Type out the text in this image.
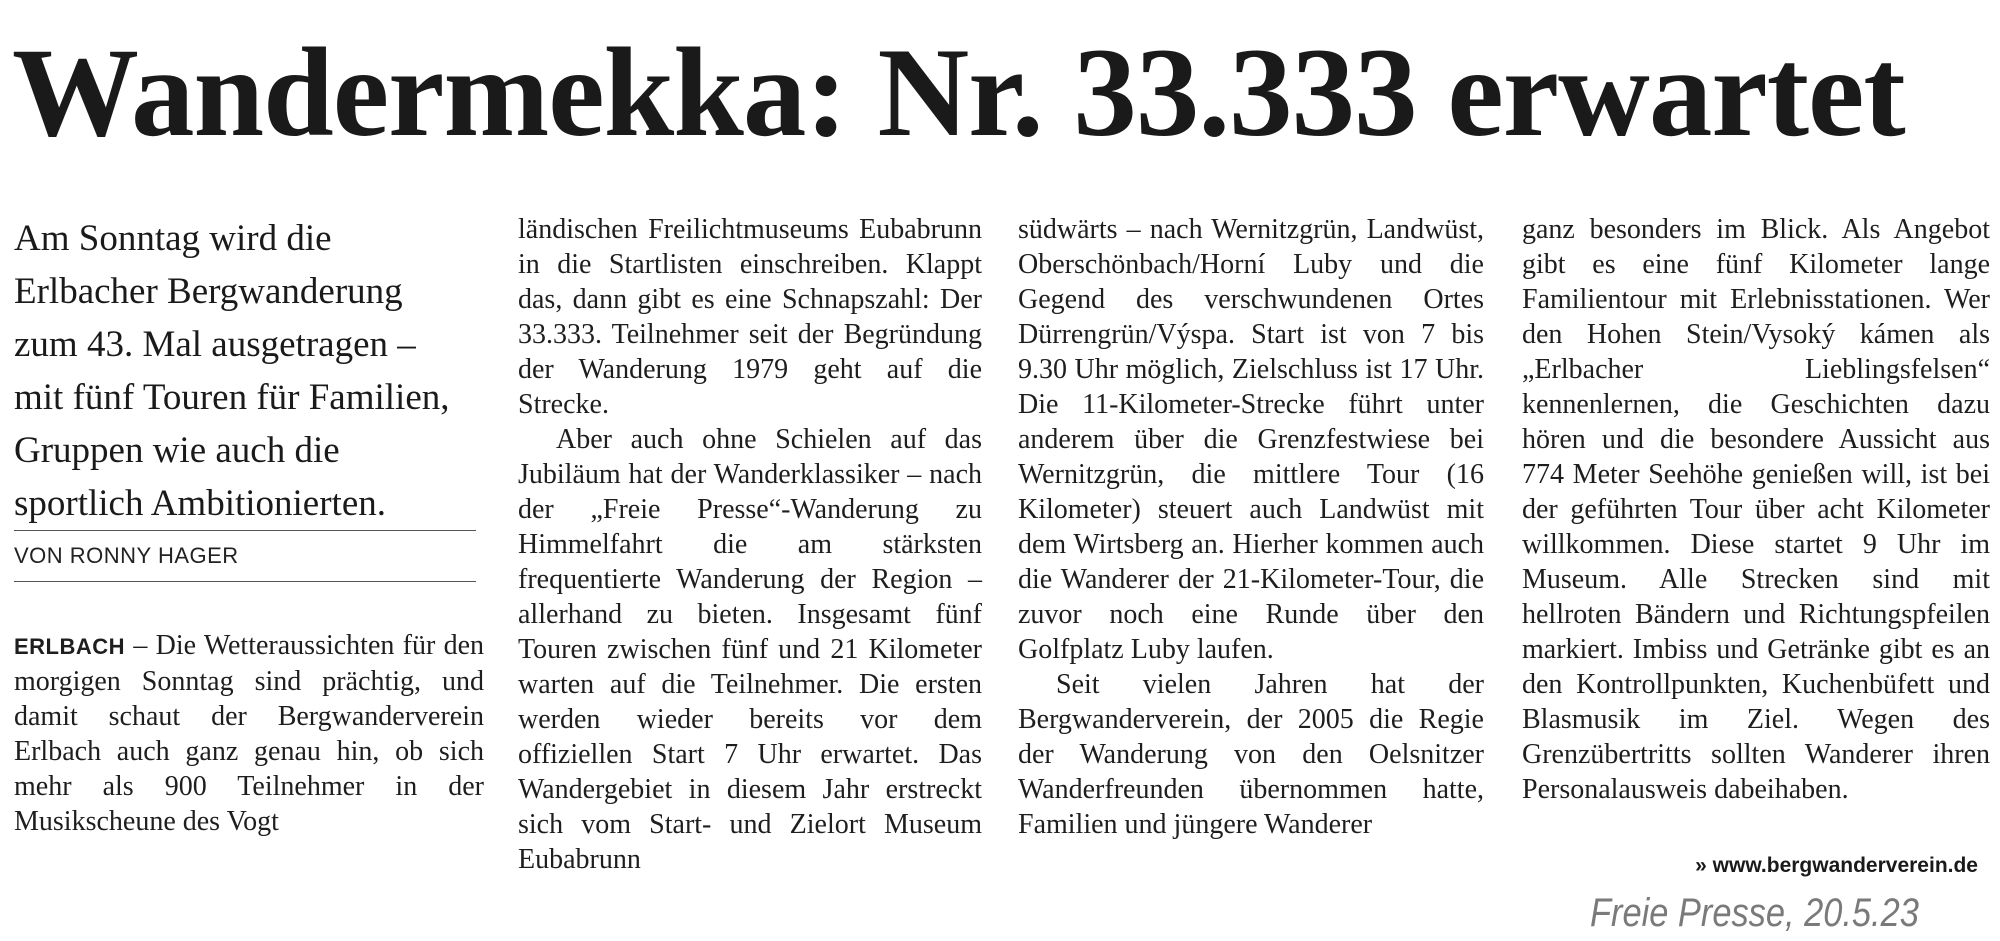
Wandermekka: Nr. 33.333 erwartet

Am Sonntag wird die Erlbacher Bergwanderung zum 43. Mal ausgetragen – mit fünf Touren für Familien, Gruppen wie auch die sportlich Ambitionierten.

VON RONNY HAGER

ERLBACH – Die Wetteraussichten für den morgigen Sonntag sind prächtig, und damit schaut der Bergwanderverein Erlbach auch ganz genau hin, ob sich mehr als 900 Teilnehmer in der Musikscheune des Vogt

ländischen Freilichtmuseums Eubabrunn in die Startlisten einschreiben. Klappt das, dann gibt es eine Schnapszahl: Der 33.333. Teilnehmer seit der Begründung der Wanderung 1979 geht auf die Strecke.

Aber auch ohne Schielen auf das Jubiläum hat der Wanderklassiker – nach der „Freie Presse“-Wanderung zu Himmelfahrt die am stärksten frequentierte Wanderung der Region – allerhand zu bieten. Insgesamt fünf Touren zwischen fünf und 21 Kilometer warten auf die Teilnehmer. Die ersten werden wieder bereits vor dem offiziellen Start 7 Uhr erwartet. Das Wandergebiet in diesem Jahr erstreckt sich vom Start- und Zielort Museum Eubabrunn

südwärts – nach Wernitzgrün, Landwüst, Oberschönbach/Horní Luby und die Gegend des verschwundenen Ortes Dürrengrün/Výspa. Start ist von 7 bis 9.30 Uhr möglich, Zielschluss ist 17 Uhr. Die 11-Kilometer-Strecke führt unter anderem über die Grenzfestwiese bei Wernitzgrün, die mittlere Tour (16 Kilometer) steuert auch Landwüst mit dem Wirtsberg an. Hierher kommen auch die Wanderer der 21-Kilometer-Tour, die zuvor noch eine Runde über den Golfplatz Luby laufen.

Seit vielen Jahren hat der Bergwanderverein, der 2005 die Regie der Wanderung von den Oelsnitzer Wanderfreunden übernommen hatte, Familien und jüngere Wanderer

ganz besonders im Blick. Als Angebot gibt es eine fünf Kilometer lange Familientour mit Erlebnisstationen. Wer den Hohen Stein/Vysoký kámen als „Erlbacher Lieblingsfelsen“ kennenlernen, die Geschichten dazu hören und die besondere Aussicht aus 774 Meter Seehöhe genießen will, ist bei der geführten Tour über acht Kilometer willkommen. Diese startet 9 Uhr im Museum. Alle Strecken sind mit hellroten Bändern und Richtungspfeilen markiert. Imbiss und Getränke gibt es an den Kontrollpunkten, Kuchenbüfett und Blasmusik im Ziel. Wegen des Grenzübertritts sollten Wanderer ihren Personalausweis dabeihaben.

» www.bergwanderverein.de
Freie Presse, 20.5.23
